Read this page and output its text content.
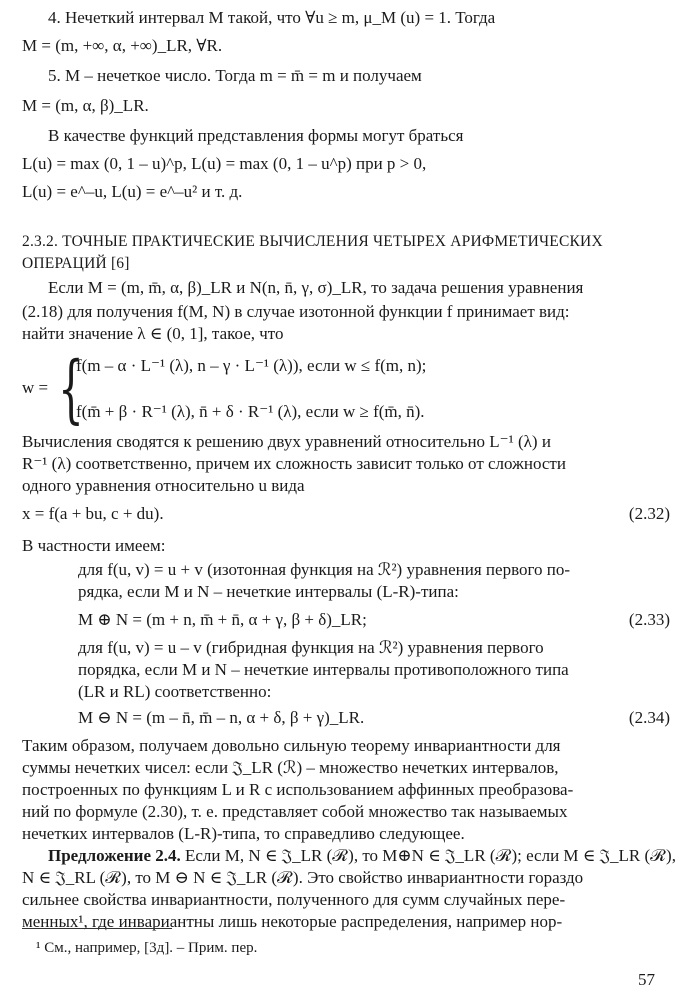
4. Нечеткий интервал M такой, что ∀u ≥ m, μ_M (u) = 1. Тогда
M = (m, +∞, α, +∞)_LR, ∀R.
5. M – нечеткое число. Тогда m = m̄ = m и получаем
M = (m, α, β)_LR.
В качестве функций представления формы могут браться
L(u) = max (0, 1 – u)^p, L(u) = max (0, 1 – u^p) при p > 0,
L(u) = e^–u, L(u) = e^–u² и т. д.
2.3.2. ТОЧНЫЕ ПРАКТИЧЕСКИЕ ВЫЧИСЛЕНИЯ ЧЕТЫРЕХ АРИФМЕТИЧЕСКИХ
ОПЕРАЦИЙ [6]
Если M = (m, m̄, α, β)_LR и N(n, n̄, γ, σ)_LR, то задача решения уравнения
(2.18) для получения f(M, N) в случае изотонной функции f принимает вид:
найти значение λ ∈ (0, 1], такое, что
w = {
f(m – α · L⁻¹ (λ), n – γ · L⁻¹ (λ)), если w ≤ f(m, n);
f(m̄ + β · R⁻¹ (λ), n̄ + δ · R⁻¹ (λ), если w ≥ f(m̄, n̄).
Вычисления сводятся к решению двух уравнений относительно L⁻¹ (λ) и
R⁻¹ (λ) соответственно, причем их сложность зависит только от сложности
одного уравнения относительно u вида
x = f(a + bu, c + du).	(2.32)
В частности имеем:
для f(u, v) = u + v (изотонная функция на ℛ²) уравнения первого по-
рядка, если M и N – нечеткие интервалы (L-R)-типа:
M ⊕ N = (m + n, m̄ + n̄, α + γ, β + δ)_LR;	(2.33)
для f(u, v) = u – v (гибридная функция на ℛ²) уравнения первого
порядка, если M и N – нечеткие интервалы противоположного типа
(LR и RL) соответственно:
M ⊖ N = (m – n̄, m̄ – n, α + δ, β + γ)_LR.	(2.34)
Таким образом, получаем довольно сильную теорему инвариантности для
суммы нечетких чисел: если 𝔍_LR (ℛ) – множество нечетких интервалов,
построенных по функциям L и R с использованием аффинных преобразова-
ний по формуле (2.30), т. е. представляет собой множество так называемых
нечетких интервалов (L-R)-типа, то справедливо следующее.
Предложение 2.4. Если M, N ∈ 𝔍_LR (ℛ), то M⊕N ∈ 𝔍_LR (ℛ); если M ∈ 𝔍_LR (ℛ),
N ∈ 𝔍_RL (ℛ), то M ⊖ N ∈ 𝔍_LR (ℛ). Это свойство инвариантности гораздо
сильнее свойства инвариантности, полученного для сумм случайных пере-
менных¹, где инвариантны лишь некоторые распределения, например нор-
¹ См., например, [3д]. – Прим. пер.
57
